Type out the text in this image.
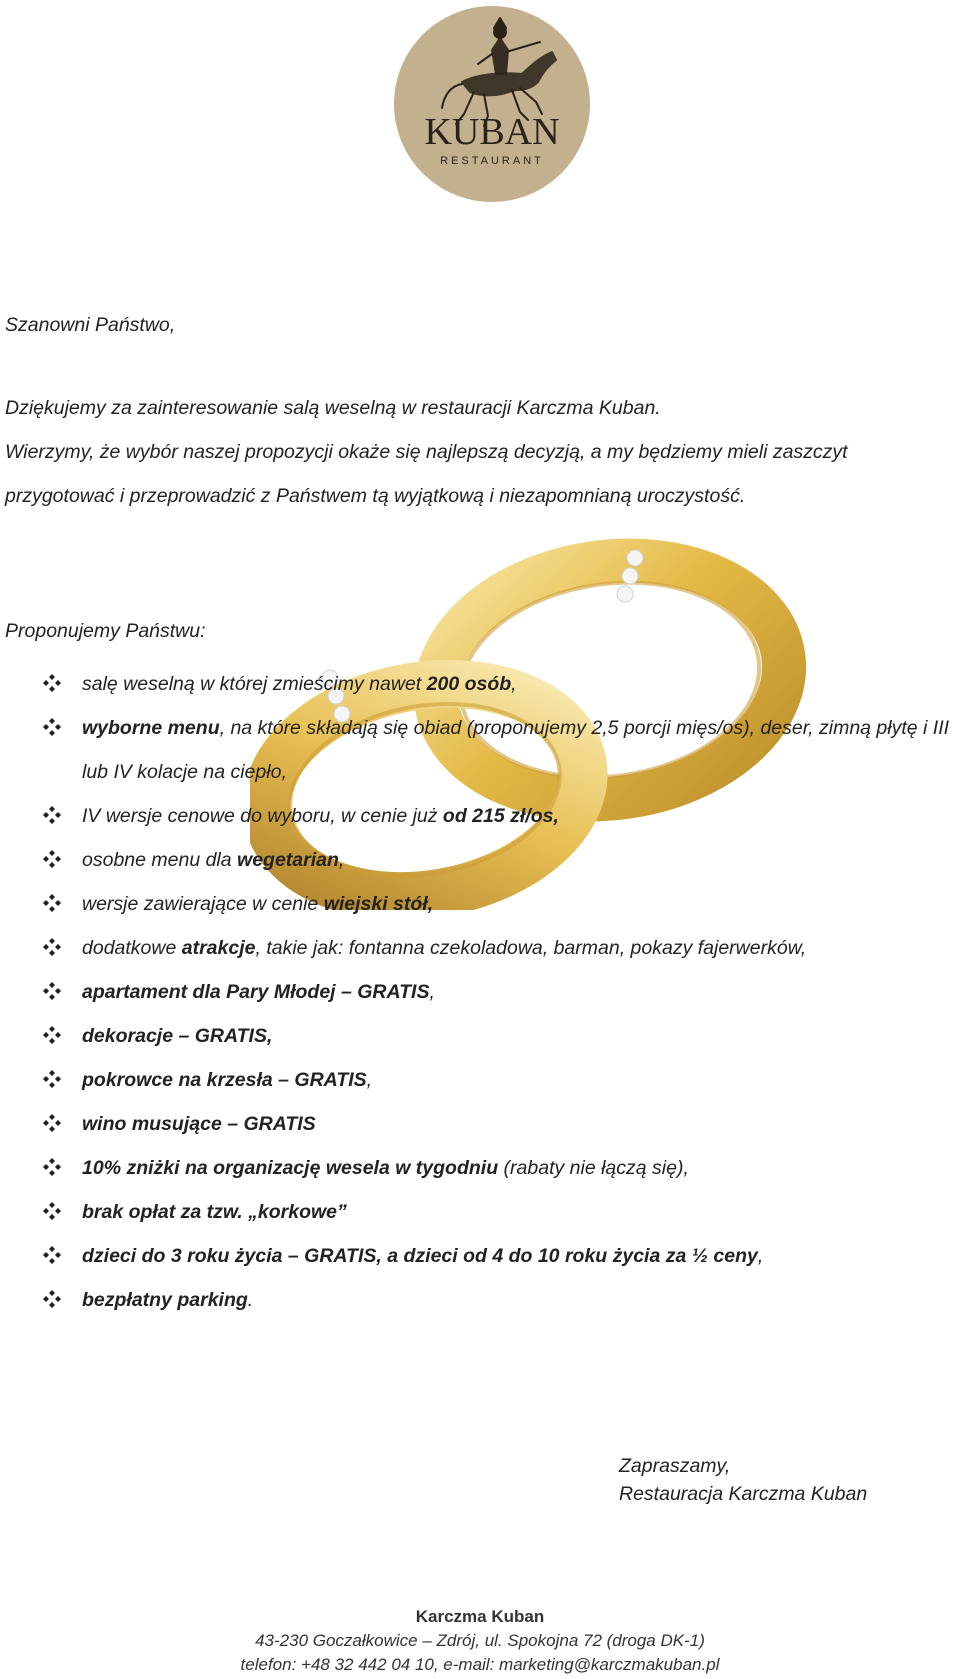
KUBAN
RESTAURANT
Szanowni Państwo,
Dziękujemy za zainteresowanie salą weselną w restauracji Karczma Kuban.
Wierzymy, że wybór naszej propozycji okaże się najlepszą decyzją, a my będziemy mieli zaszczyt
przygotować i przeprowadzić z Państwem tą wyjątkową i niezapomnianą uroczystość.
Proponujemy Państwu:
salę weselną w której zmieścimy nawet 200 osób,
wyborne menu, na które składają się obiad (proponujemy 2,5 porcji mięs/os), deser, zimną płytę i III lub IV kolacje na ciepło,
IV wersje cenowe do wyboru, w cenie już od 215 zł/os,
osobne menu dla wegetarian,
wersje zawierające w cenie wiejski stół,
dodatkowe atrakcje, takie jak: fontanna czekoladowa, barman, pokazy fajerwerków,
apartament dla Pary Młodej – GRATIS,
dekoracje – GRATIS,
pokrowce na krzesła – GRATIS,
wino musujące – GRATIS
10% zniżki na organizację wesela w tygodniu (rabaty nie łączą się),
brak opłat za tzw. „korkowe”
dzieci do 3 roku życia – GRATIS, a dzieci od 4 do 10 roku życia za ½ ceny,
bezpłatny parking.
Zapraszamy,
Restauracja Karczma Kuban
Karczma Kuban
43-230 Goczałkowice – Zdrój, ul. Spokojna 72 (droga DK-1)
telefon: +48 32 442 04 10, e-mail: marketing@karczmakuban.pl
